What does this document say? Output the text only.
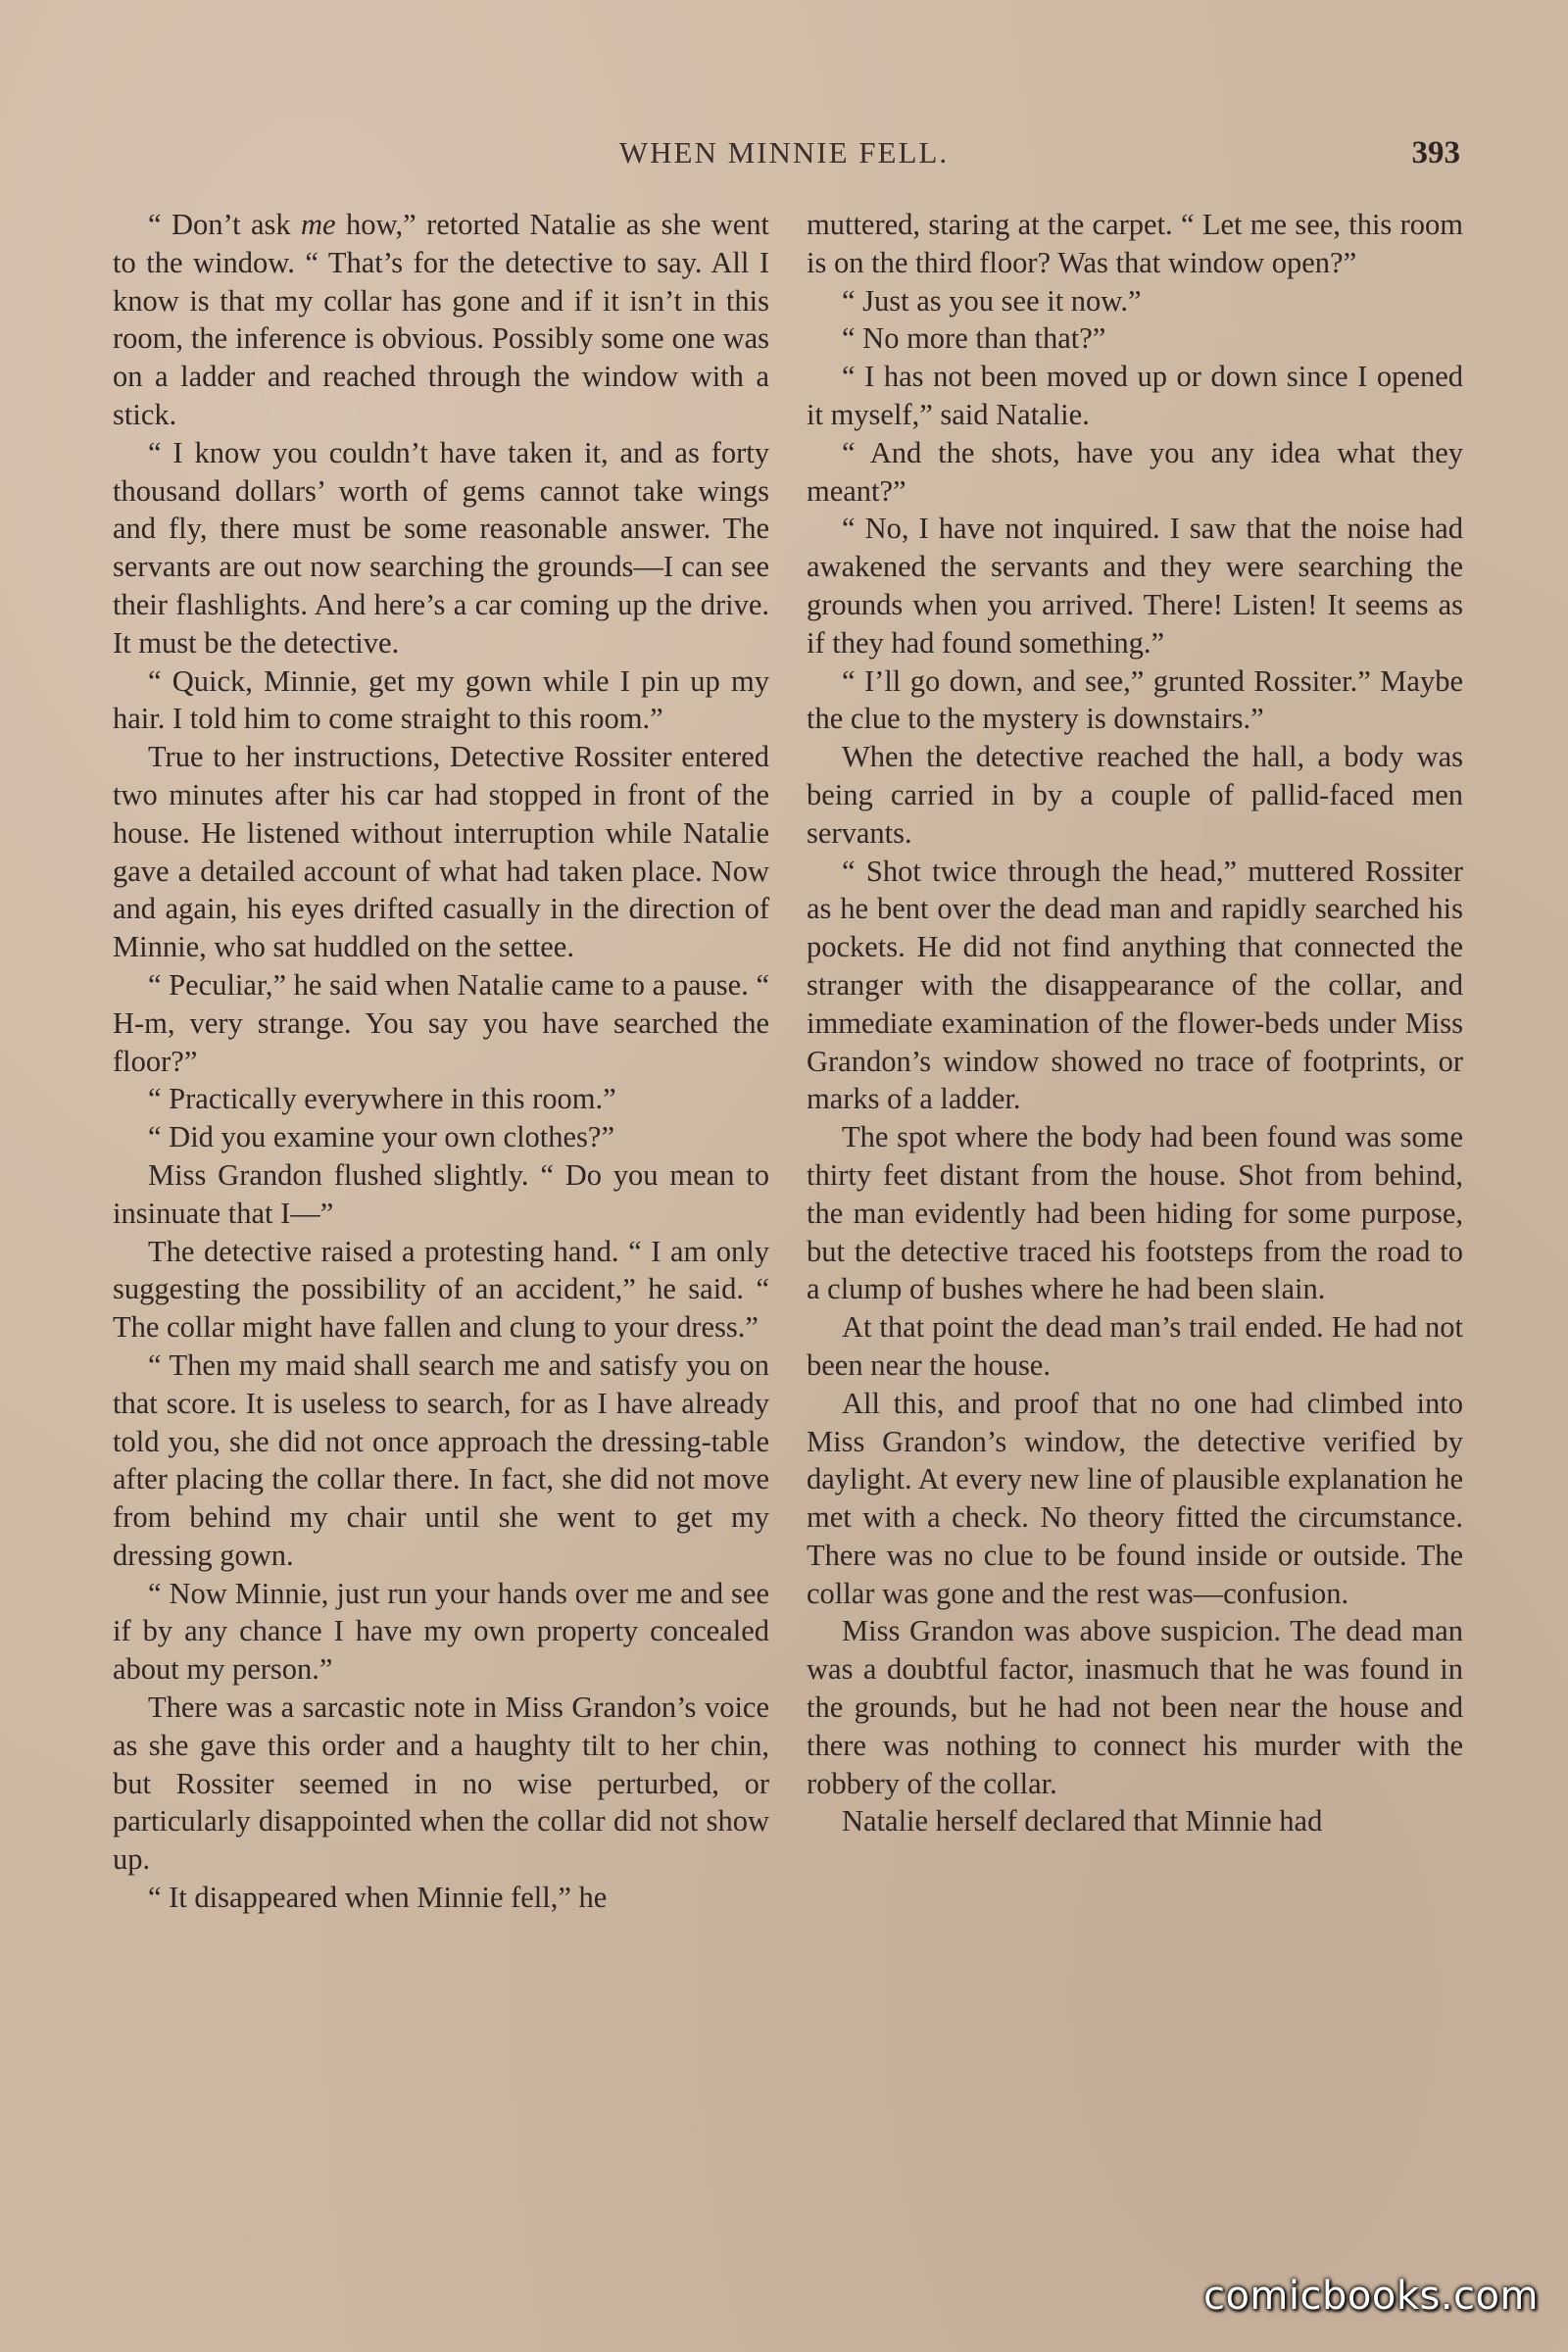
WHEN MINNIE FELL.	393

“ Don’t ask me how,” retorted Natalie as she went to the window. “ That’s for the detective to say. All I know is that my collar has gone and if it isn’t in this room, the inference is obvious. Possibly some one was on a ladder and reached through the window with a stick.

“ I know you couldn’t have taken it, and as forty thousand dollars’ worth of gems cannot take wings and fly, there must be some reasonable answer. The servants are out now searching the grounds—I can see their flashlights. And here’s a car coming up the drive. It must be the detective.

“ Quick, Minnie, get my gown while I pin up my hair. I told him to come straight to this room.”

True to her instructions, Detective Rossiter entered two minutes after his car had stopped in front of the house. He listened without interruption while Natalie gave a detailed account of what had taken place. Now and again, his eyes drifted casually in the direction of Minnie, who sat huddled on the settee.

“ Peculiar,” he said when Natalie came to a pause. “ H-m, very strange. You say you have searched the floor?”

“ Practically everywhere in this room.”

“ Did you examine your own clothes?”

Miss Grandon flushed slightly. “ Do you mean to insinuate that I—”

The detective raised a protesting hand. “ I am only suggesting the possibility of an accident,” he said. “ The collar might have fallen and clung to your dress.”

“ Then my maid shall search me and satisfy you on that score. It is useless to search, for as I have already told you, she did not once approach the dressing-table after placing the collar there. In fact, she did not move from behind my chair until she went to get my dressing gown.

“ Now Minnie, just run your hands over me and see if by any chance I have my own property concealed about my person.”

There was a sarcastic note in Miss Grandon’s voice as she gave this order and a haughty tilt to her chin, but Rossiter seemed in no wise perturbed, or particularly disappointed when the collar did not show up.

“ It disappeared when Minnie fell,” he

muttered, staring at the carpet. “ Let me see, this room is on the third floor? Was that window open?”

“ Just as you see it now.”

“ No more than that?”

“ I has not been moved up or down since I opened it myself,” said Natalie.

“ And the shots, have you any idea what they meant?”

“ No, I have not inquired. I saw that the noise had awakened the servants and they were searching the grounds when you arrived. There! Listen! It seems as if they had found something.”

“ I’ll go down, and see,” grunted Rossiter.” Maybe the clue to the mystery is downstairs.”

When the detective reached the hall, a body was being carried in by a couple of pallid-faced men servants.

“ Shot twice through the head,” muttered Rossiter as he bent over the dead man and rapidly searched his pockets. He did not find anything that connected the stranger with the disappearance of the collar, and immediate examination of the flower-beds under Miss Grandon’s window showed no trace of footprints, or marks of a ladder.

The spot where the body had been found was some thirty feet distant from the house. Shot from behind, the man evidently had been hiding for some purpose, but the detective traced his footsteps from the road to a clump of bushes where he had been slain.

At that point the dead man’s trail ended. He had not been near the house.

All this, and proof that no one had climbed into Miss Grandon’s window, the detective verified by daylight. At every new line of plausible explanation he met with a check. No theory fitted the circumstance. There was no clue to be found inside or outside. The collar was gone and the rest was—confusion.

Miss Grandon was above suspicion. The dead man was a doubtful factor, inasmuch that he was found in the grounds, but he had not been near the house and there was nothing to connect his murder with the robbery of the collar.

Natalie herself declared that Minnie had

comicbooks.com
